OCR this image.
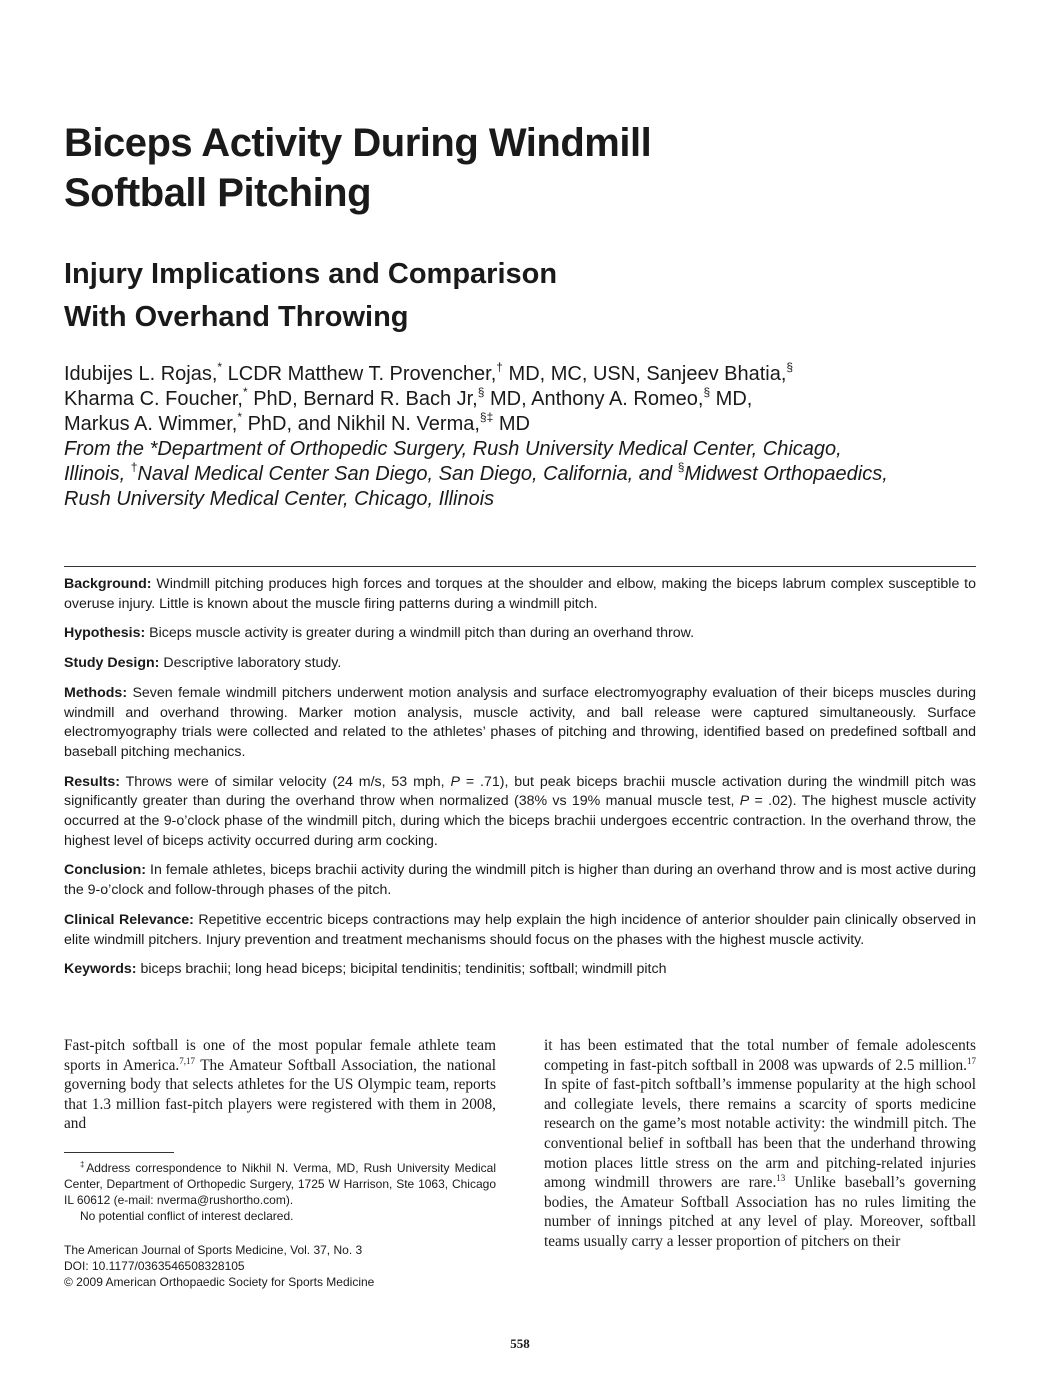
Biceps Activity During Windmill
Softball Pitching
Injury Implications and Comparison
With Overhand Throwing
Idubijes L. Rojas,* LCDR Matthew T. Provencher,† MD, MC, USN, Sanjeev Bhatia,§
Kharma C. Foucher,* PhD, Bernard R. Bach Jr,§ MD, Anthony A. Romeo,§ MD,
Markus A. Wimmer,* PhD, and Nikhil N. Verma,§‡ MD
From the *Department of Orthopedic Surgery, Rush University Medical Center, Chicago,
Illinois, †Naval Medical Center San Diego, San Diego, California, and §Midwest Orthopaedics,
Rush University Medical Center, Chicago, Illinois

Background: Windmill pitching produces high forces and torques at the shoulder and elbow, making the biceps labrum complex susceptible to overuse injury. Little is known about the muscle firing patterns during a windmill pitch.

Hypothesis: Biceps muscle activity is greater during a windmill pitch than during an overhand throw.

Study Design: Descriptive laboratory study.

Methods: Seven female windmill pitchers underwent motion analysis and surface electromyography evaluation of their biceps muscles during windmill and overhand throwing. Marker motion analysis, muscle activity, and ball release were captured simultaneously. Surface electromyography trials were collected and related to the athletes’ phases of pitching and throwing, identified based on predefined softball and baseball pitching mechanics.

Results: Throws were of similar velocity (24 m/s, 53 mph, P = .71), but peak biceps brachii muscle activation during the windmill pitch was significantly greater than during the overhand throw when normalized (38% vs 19% manual muscle test, P = .02). The highest muscle activity occurred at the 9-o’clock phase of the windmill pitch, during which the biceps brachii undergoes eccentric contraction. In the overhand throw, the highest level of biceps activity occurred during arm cocking.

Conclusion: In female athletes, biceps brachii activity during the windmill pitch is higher than during an overhand throw and is most active during the 9-o’clock and follow-through phases of the pitch.

Clinical Relevance: Repetitive eccentric biceps contractions may help explain the high incidence of anterior shoulder pain clinically observed in elite windmill pitchers. Injury prevention and treatment mechanisms should focus on the phases with the highest muscle activity.

Keywords: biceps brachii; long head biceps; bicipital tendinitis; tendinitis; softball; windmill pitch

Fast-pitch softball is one of the most popular female athlete team sports in America.$^{7,17}$ The Amateur Softball Association, the national governing body that selects athletes for the US Olympic team, reports that 1.3 million fast-pitch players were registered with them in 2008, and

it has been estimated that the total number of female adolescents competing in fast-pitch softball in 2008 was upwards of 2.5 million.$^{17}$ In spite of fast-pitch softball’s immense popularity at the high school and collegiate levels, there remains a scarcity of sports medicine research on the game’s most notable activity: the windmill pitch. The conventional belief in softball has been that the underhand throwing motion places little stress on the arm and pitching-related injuries among windmill throwers are rare.$^{13}$ Unlike baseball’s governing bodies, the Amateur Softball Association has no rules limiting the number of innings pitched at any level of play. Moreover, softball teams usually carry a lesser proportion of pitchers on their

‡Address correspondence to Nikhil N. Verma, MD, Rush University Medical Center, Department of Orthopedic Surgery, 1725 W Harrison, Ste 1063, Chicago IL 60612 (e-mail: nverma@rushortho.com).

No potential conflict of interest declared.

The American Journal of Sports Medicine, Vol. 37, No. 3
DOI: 10.1177/0363546508328105
© 2009 American Orthopaedic Society for Sports Medicine
558
